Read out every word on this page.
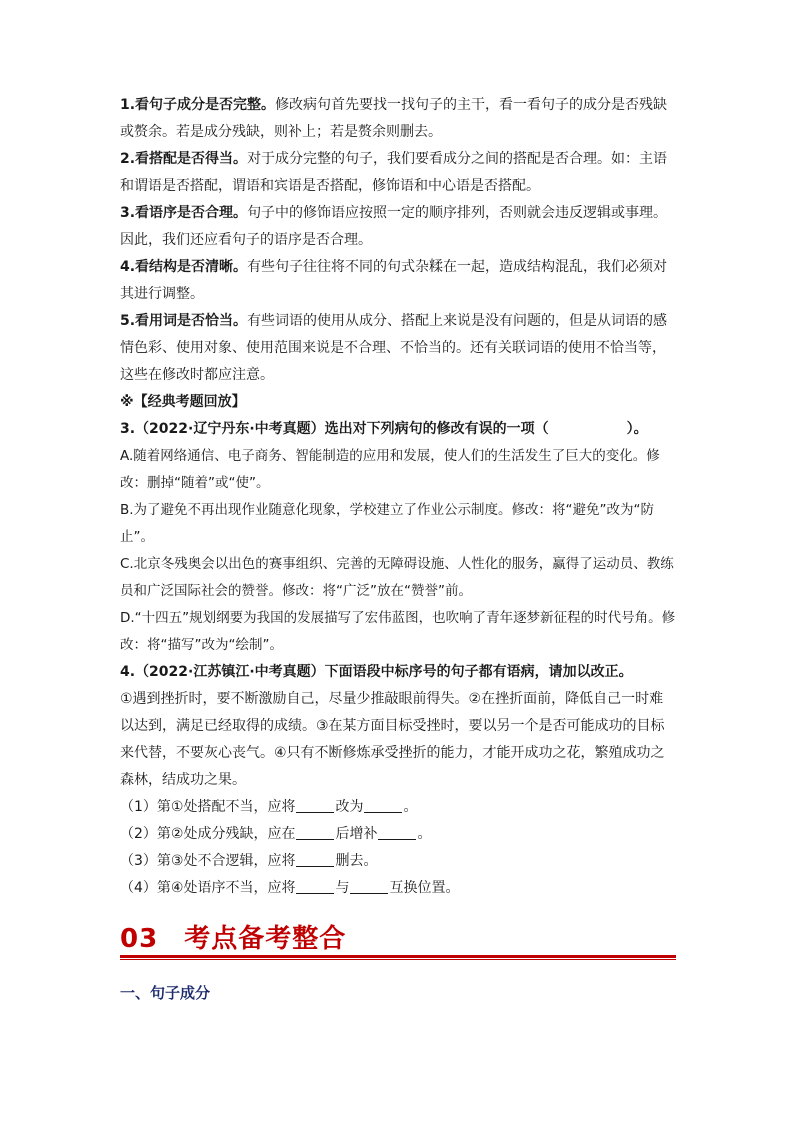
1.看句子成分是否完整。修改病句首先要找一找句子的主干，看一看句子的成分是否残缺或赘余。若是成分残缺，则补上；若是赘余则删去。

2.看搭配是否得当。对于成分完整的句子，我们要看成分之间的搭配是否合理。如：主语和谓语是否搭配，谓语和宾语是否搭配，修饰语和中心语是否搭配。

3.看语序是否合理。句子中的修饰语应按照一定的顺序排列，否则就会违反逻辑或事理。因此，我们还应看句子的语序是否合理。

4.看结构是否清晰。有些句子往往将不同的句式杂糅在一起，造成结构混乱，我们必须对其进行调整。

5.看用词是否恰当。有些词语的使用从成分、搭配上来说是没有问题的，但是从词语的感情色彩、使用对象、使用范围来说是不合理、不恰当的。还有关联词语的使用不恰当等，这些在修改时都应注意。

※【经典考题回放】

3.（2022·辽宁丹东·中考真题）选出对下列病句的修改有误的一项（	）。

A.随着网络通信、电子商务、智能制造的应用和发展，使人们的生活发生了巨大的变化。修改：删掉“随着”或“使”。

B.为了避免不再出现作业随意化现象，学校建立了作业公示制度。修改：将“避免”改为“防止”。

C.北京冬残奥会以出色的赛事组织、完善的无障碍设施、人性化的服务，赢得了运动员、教练员和广泛国际社会的赞誉。修改：将“广泛”放在“赞誉”前。

D.“十四五”规划纲要为我国的发展描写了宏伟蓝图，也吹响了青年逐梦新征程的时代号角。修改：将“描写”改为“绘制”。

4.（2022·江苏镇江·中考真题）下面语段中标序号的句子都有语病，请加以改正。

①遇到挫折时，要不断激励自己，尽量少推敲眼前得失。②在挫折面前，降低自己一时难以达到，满足已经取得的成绩。③在某方面目标受挫时，要以另一个是否可能成功的目标来代替，不要灰心丧气。④只有不断修炼承受挫折的能力，才能开成功之花，繁殖成功之森林，结成功之果。

（1）第①处搭配不当，应将	改为	。

（2）第②处成分残缺，应在	后增补	。

（3）第③处不合逻辑，应将	删去。

（4）第④处语序不当，应将	与	互换位置。

03 考点备考整合
一、句子成分
